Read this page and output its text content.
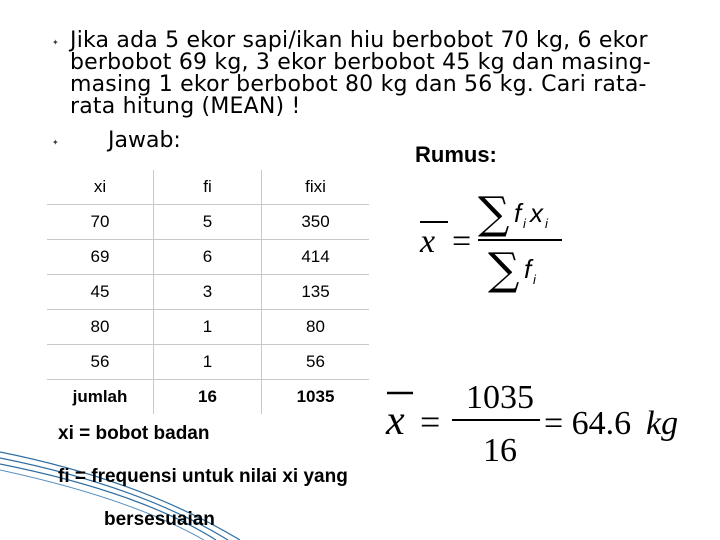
✦
✦
Jika ada 5 ekor sapi/ikan hiu berbobot 70 kg, 6 ekor
berbobot 69 kg, 3 ekor berbobot 45 kg dan masing-
masing 1 ekor berbobot 80 kg dan 56 kg. Cari rata-
rata hitung (MEAN) !
Jawab:
Rumus:
xi	fi	fixi
70	5	350
69	6	414
45	3	135
80	1	80
56	1	56
jumlah	16	1035
x =
∑ f i x i
∑ f i
x =
1035
16
= 64.6 kg
xi = bobot badan
fi = frequensi untuk nilai xi yang
bersesuaian
